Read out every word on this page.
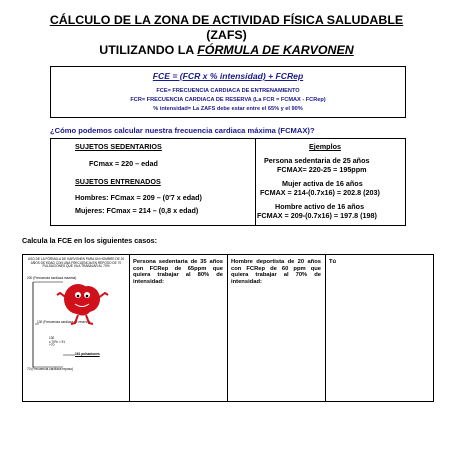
CÁLCULO DE LA ZONA DE ACTIVIDAD FÍSICA SALUDABLE
(ZAFS)
UTILIZANDO LA FÓRMULA DE KARVONEN
FCE = (FCR x % intensidad) + FCRep
FCE= FRECUENCIA CARDIACA DE ENTRENAMIENTO
FCR= FRECUENCIA CARDIACA DE RESERVA (La FCR = FCMAX - FCRep)
% intensidad= La ZAFS debe estar entre el 65% y el 90%
¿Cómo podemos calcular nuestra frecuencia cardiaca máxima (FCMAX)?
SUJETOS SEDENTARIOS
FCmax = 220 – edad
SUJETOS ENTRENADOS
Hombres: FCmax = 209 – (0'7 x edad)
Mujeres: FCmax = 214 – (0,8 x edad)
Ejemplos
Persona sedentaria de 25 años
FCMAX= 220-25 = 195ppm
Mujer activa de 16 años
FCMAX = 214-(0.7x16) = 202.8 (203)
Hombre activo de 16 años
FCMAX = 209-(0.7x16) = 197.8 (198)
Calcula la FCE en los siguientes casos:
USO DE LA FÓRMULA DE KARVONEN PARA UN HOMBRE DE 20 AÑOS DE EDAD CON UNA FRECUENCIA EN REPOSO DE 70 PULSACIONES QUE VA A TRABAJAR AL 70%
200 (Frecuencia cardíaca máxima)
130 (Frecuencia cardíaca de reserva)
130
x 70% = 91
+70
161 pulsaciones
70 (Frecuencia cardíaca reposo)
Persona sedentaria de 35 años con FCRep de 65ppm que quiera trabajar al 80% de intensidad:
Hombre deportista de 20 años con FCRep de 60 ppm que quiera trabajar al 70% de intensidad:
Tú
